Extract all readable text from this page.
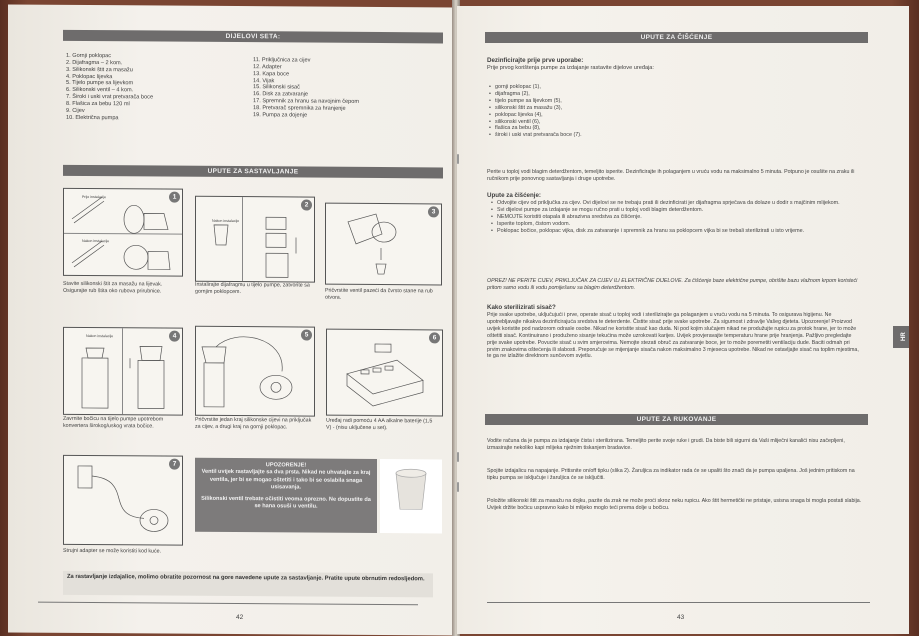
DIJELOVI SETA:
1. Gornji poklopac
2. Dijafragma – 2 kom.
3. Silikonski štit za masažu
4. Poklopac lijevka
5. Tijelo pumpe sa lijevkom
6. Silikonski ventil – 4 kom.
7. Široki i uski vrat pretvarača boce
8. Flašica za bebu 120 ml
9. Cijev
10. Električna pumpa
11. Priključnica za cijev
12. Adapter
13. Kapa boce
14. Vijak
15. Silikonski sisač
16. Disk za zatvaranje
17. Spremnik za hranu sa navojnim čepom
18. Pretvarač spremnika za hranjenje
19. Pumpa za dojenje
UPUTE ZA SASTAVLJANJE
1
Prije instalacije
Nakon instalacije
Stavite silikonski štit za masažu na lijevak. Osigurajte rub štita oko rubova prirubnice.
2
Nakon instalacije
Instalirajte dijafragmu u tijelo pumpe, zatvorite sa gornjim poklopcem.
3
Pričvrstite ventil pazeći da čvrsto stane na rub otvora.
4
Nakon instalacije
Zavrnite bočicu na tijelo pumpe upotrebom konvertera širokog/uskog vrata bočice.
5
Pričvrstite jedan kraj silikonske cijevi na priključak za cijev, a drugi kraj na gornji poklopac.
6
Uređaj radi pomoću 4 AA alkalne baterije (1,5 V) - (nisu uključene u set).
7
Strujni adapter se može koristiti kod kuće.
UPOZORENJE!
Ventil uvijek rastavljajte sa dva prsta. Nikad ne uhvatajte za kraj ventila, jer bi se mogao oštetiti i tako bi se oslabila snaga usisavanja.
Silikonski ventil trebate očistiti veoma oprezno. Ne dopustite da se hana osuši u ventilu.
Za rastavljanje izdajalice, molimo obratite pozornost na gore navedene upute za sastavljanje. Pratite upute obrnutim redosljedom.
42
UPUTE ZA ČIŠĆENJE
Dezinficirajte prije prve uporabe:
Prije prvog korištenja pumpe za izdajanje rastavite dijelove uređaja:
• gornji poklopac (1),
• dijafragma (2),
• tijelo pumpe sa lijevkom (5),
• silikonski štit za masažu (3),
• poklopac lijevka (4),
• silikonski ventil (6),
• flašica za bebu (8),
• široki i uski vrat pretvarača boce (7).
Perite u toploj vodi blagim deterdžentom, temeljito isperite. Dezinficirajte ih polaganjem u vruću vodu na maksimalno 5 minuta. Potpuno je osušite na zraku ili ručnikom prije ponovnog sastavljanja i druge upotrebe.
Upute za čišćenje:
• Odvojite cijev od priključka za cijev. Ovi dijelovi se ne trebaju prati ili dezinficirati jer dijafragma sprječava da dolaze u dodir s majčinim mlijekom.
• Svi dijelovi pumpe za izdajanje se mogu ručno prati u toploj vodi blagim deterdžentom.
• NEMOJTE koristiti otapala ili abrazivna sredstva za čišćenje.
• Isperite toplom, čistom vodom.
• Poklopac bočice, poklopac vijka, disk za zatvaranje i spremnik za hranu sa poklopcem vijka bi se trebali sterilizirati u isto vrijeme.
OPREZ! NE PERITE CIJEV, PRIKLJUČAK ZA CIJEV ILI ELEKTRIČNE DIJELOVE. Za čišćenje baze električne pumpe, obrišite bazu vlažnom krpom koristeći pritom samo vodu ili vodu pomiješanu sa blagim deterdžentom.
Kako sterilizirati sisač?
Prije svake upotrebe, uključujući i prve, operate sisač u toploj vodi i sterilizirajte ga polaganjem u vruću vodu na 5 minuta. To osigurava higijenu. Ne upotrebljavajte nikakva dezinficirajuća sredstva te deterdente. Čistite sisač prije svake upotrebe. Za sigurnost i zdravlje Vašeg djeteta. Upozorenje! Proizvod uvijek koristite pod nadzorom odrasle osobe. Nikad ne koristite sisač kao duda. Ni pod kojim slučajem nikad ne produžujte rupicu za protok hrane, jer to može oštetiti sisač. Kontinuirano i produženo sisanje tekućina može uzrokovati karijes. Uvijek provjeravajte temperaturu hrane prije hranjenja. Pažljivo pregledajte prije svake upotrebe. Povucite sisač u svim smjerovima. Nemojte stezati obruč za zatvaranje boce, jer to može poremetiti ventilaciju dude. Baciti odmah pri prvim znakovima oštećenja ili slabosti. Preporučuje se mijenjanje sisača nakon maksimalno 3 mjeseca upotrebe. Nikad ne ostavljajte sisač na toplim mjestima, te ga ne izlažite direktnom sunčevom svjetlu.
UPUTE ZA RUKOVANJE
Vodite računa da je pumpa za izdajanje čista i sterilizirana. Temeljito perite svoje ruke i grudi. Da biste bili sigurni da Vaši mliječni kanalići nisu začepljeni, izmasirajte nekoliko kapi mlijeka nježnim tiskanjem bradavice.
Spojite izdajalicu na napajanje. Pritisnite on/off tipku (slika 2). Žaruljica za indikator rada će se upaliti što znači da je pumpa upaljena. Još jednim pritiskom na tipku pumpa se isključuje i žaruljica će se isključiti.
Položite silikonski štit za masažu na dojku, pazite da zrak ne može proći skroz neku rupicu. Ako štit hermetički ne pristaje, usisna snaga bi mogla postati slabija. Uvijek držite bočicu uspravno kako bi mlijeko moglo teći prema dolje u bočicu.
HR
43
